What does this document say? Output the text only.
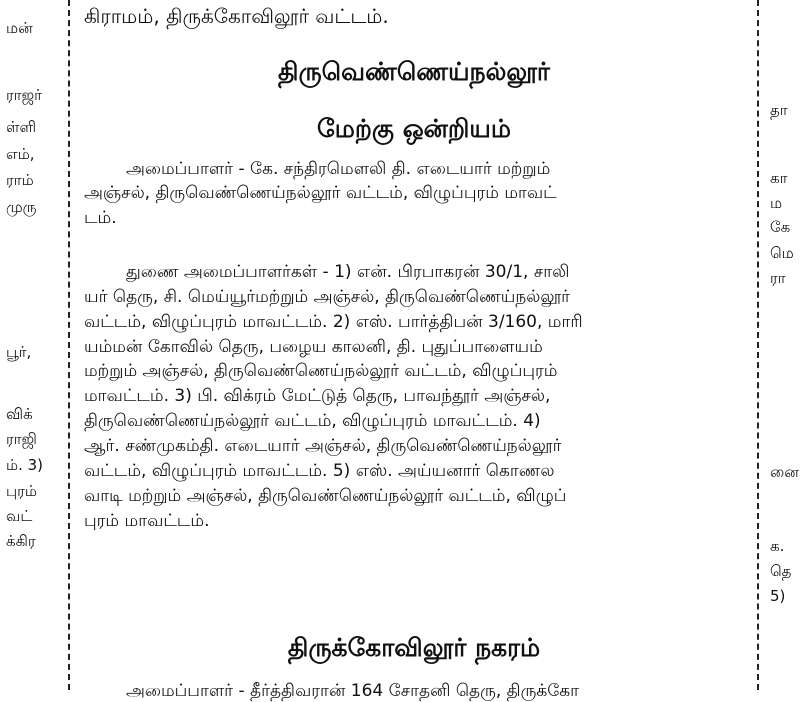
மன்
ராஜர்
ள்ளி
எம்,
ராம்
முரு
பூர்,
விக்
ராஜி
ம். 3)
புரம்
வட்
க்கிர
கிராமம், திருக்கோவிலூர் வட்டம்.
திருவெண்ணெய்நல்லூர்
மேற்கு ஒன்றியம்
அமைப்பாளர் - கே. சந்திரமௌலி தி. எடையார் மற்றும்
அஞ்சல், திருவெண்ணெய்நல்லூர் வட்டம், விழுப்புரம் மாவட்
டம்.
துணை அமைப்பாளர்கள் - 1) என். பிரபாகரன் 30/1, சாலி
யர் தெரு, சி. மெய்யூர்மற்றும் அஞ்சல், திருவெண்ணெய்நல்லூர்
வட்டம், விழுப்புரம் மாவட்டம். 2) எஸ். பார்த்திபன் 3/160, மாரி
யம்மன் கோவில் தெரு, பழைய காலனி, தி. புதுப்பாளையம்
மற்றும் அஞ்சல், திருவெண்ணெய்நல்லூர் வட்டம், விழுப்புரம்
மாவட்டம். 3) பி. விக்ரம் மேட்டுத் தெரு, பாவந்தூர் அஞ்சல்,
திருவெண்ணெய்நல்லூர் வட்டம், விழுப்புரம் மாவட்டம். 4)
ஆர். சண்முகம்தி. எடையார் அஞ்சல், திருவெண்ணெய்நல்லூர்
வட்டம், விழுப்புரம் மாவட்டம். 5) எஸ். அய்யனார் கொணல
வாடி மற்றும் அஞ்சல், திருவெண்ணெய்நல்லூர் வட்டம், விழுப்
புரம் மாவட்டம்.
திருக்கோவிலூர் நகரம்
அமைப்பாளர் - தீர்த்திவரான் 164 சோதனி தெரு, திருக்கோ
தா
கா
ம
கே
மெ
ரா
னை
க.
தெ
5)
